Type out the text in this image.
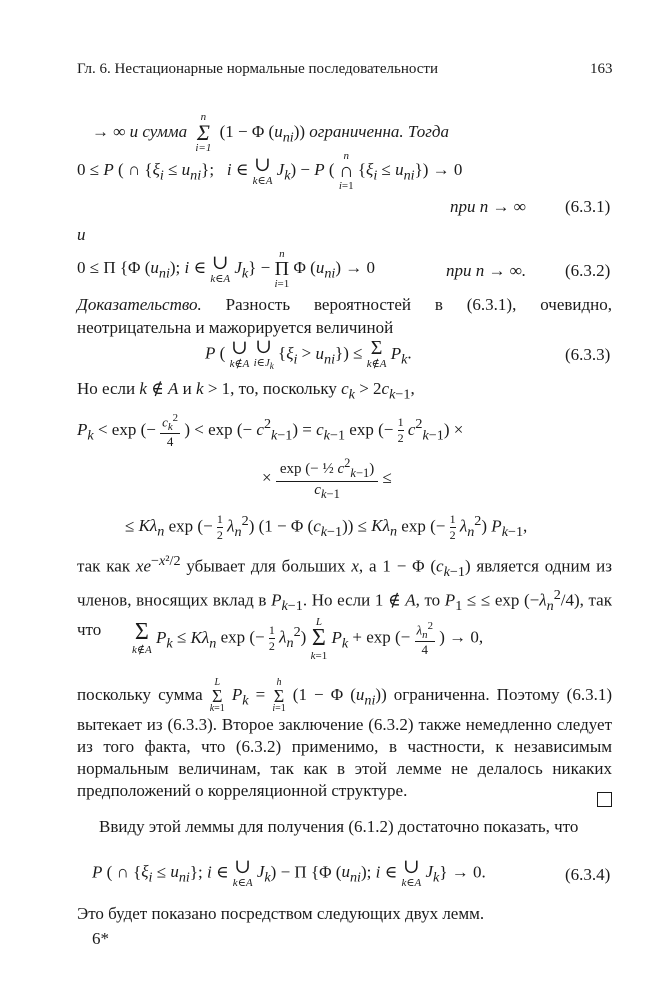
Гл. 6. Нестационарные нормальные последовательности	163
→ ∞ и сумма
n
Σ
i=1
(1 − Φ $(u_{ni})$) ограниченна. Тогда
0 ≤ P ( ∩ $\{\xi_i \le u_{ni}\}$;   i ∈ ∪
k∈A
$J_k) - P$ (
n
∩
i=1
$\{\xi_i \le u_{ni}\}) \to 0$
при n → ∞ (6.3.1)
и
0 ≤ Π {Φ $(u_{ni})$; i ∈ ∪
k∈A
$J_k$} −
n
Π
i=1
Φ $(u_{ni}) \to 0$	при n → ∞. (6.3.2)
Доказательство. Разность вероятностей в (6.3.1), очевидно, неотрицательна и мажорируется величиной
P ( ∪
k∉A

∪
$i\in J_k$
$\{\xi_i > u_{ni}\}) \le \Sigma$
k∉A
$P_k$.	(6.3.3)
Но если k ∉ A и k > 1, то, поскольку $c_k > 2c_{k-1}$,
$P_k < \exp$ (− $\frac{c_k^2}{4}$ ) < exp (− $c^2_{k-1}) = c_{k-1}$ exp (− $\frac{1}{2} c^2_{k-1}$) ×
× $\frac{\exp (- \frac{1}{2} c^2_{k-1})}{c_{k-1}}$ ≤
≤ $K\lambda_n$ exp (− $\frac{1}{2} \lambda_n^2$) (1 − Φ $(c_{k-1})) \le K\lambda_n$ exp (− $\frac{1}{2} \lambda_n^2$) $P_{k-1}$,
так как $xe^{-x^2/2}$ убывает для больших x, а 1 − Φ $(c_{k-1})$ является одним из членов, вносящих вклад в $P_{k-1}$. Но если 1 ∉ A, то $P_1$ ≤ ≤ $\exp (-\lambda_n^2/4)$, так что	Σ
k∉A
$P_k \le K\lambda_n$ exp (− $\frac{1}{2} \lambda_n^2$)
L
Σ
k=1
$P_k + \exp$ (− $\frac{\lambda_n^2}{4}$ ) → 0,
поскольку сумма
L
Σ
k=1
$P_k$ =
h
Σ
i=1
(1 − Φ $(u_{ni})$) ограниченна. Поэтому (6.3.1) вытекает из (6.3.3). Второе заключение (6.3.2) также немедленно следует из того факта, что (6.3.2) применимо, в частности, к независимым нормальным величинам, так как в этой лемме не делалось никаких предположений о корреляционной структуре.
Ввиду этой леммы для получения (6.1.2) достаточно показать, что
P ( ∩ $\{\xi_i \le u_{ni}\}$; i ∈ ∪
k∈A
$J_k) - \Pi$ {Φ $(u_{ni})$; i ∈ ∪
k∈A
$J_k\} \to 0$.	(6.3.4)
Это будет показано посредством следующих двух лемм.
6*
